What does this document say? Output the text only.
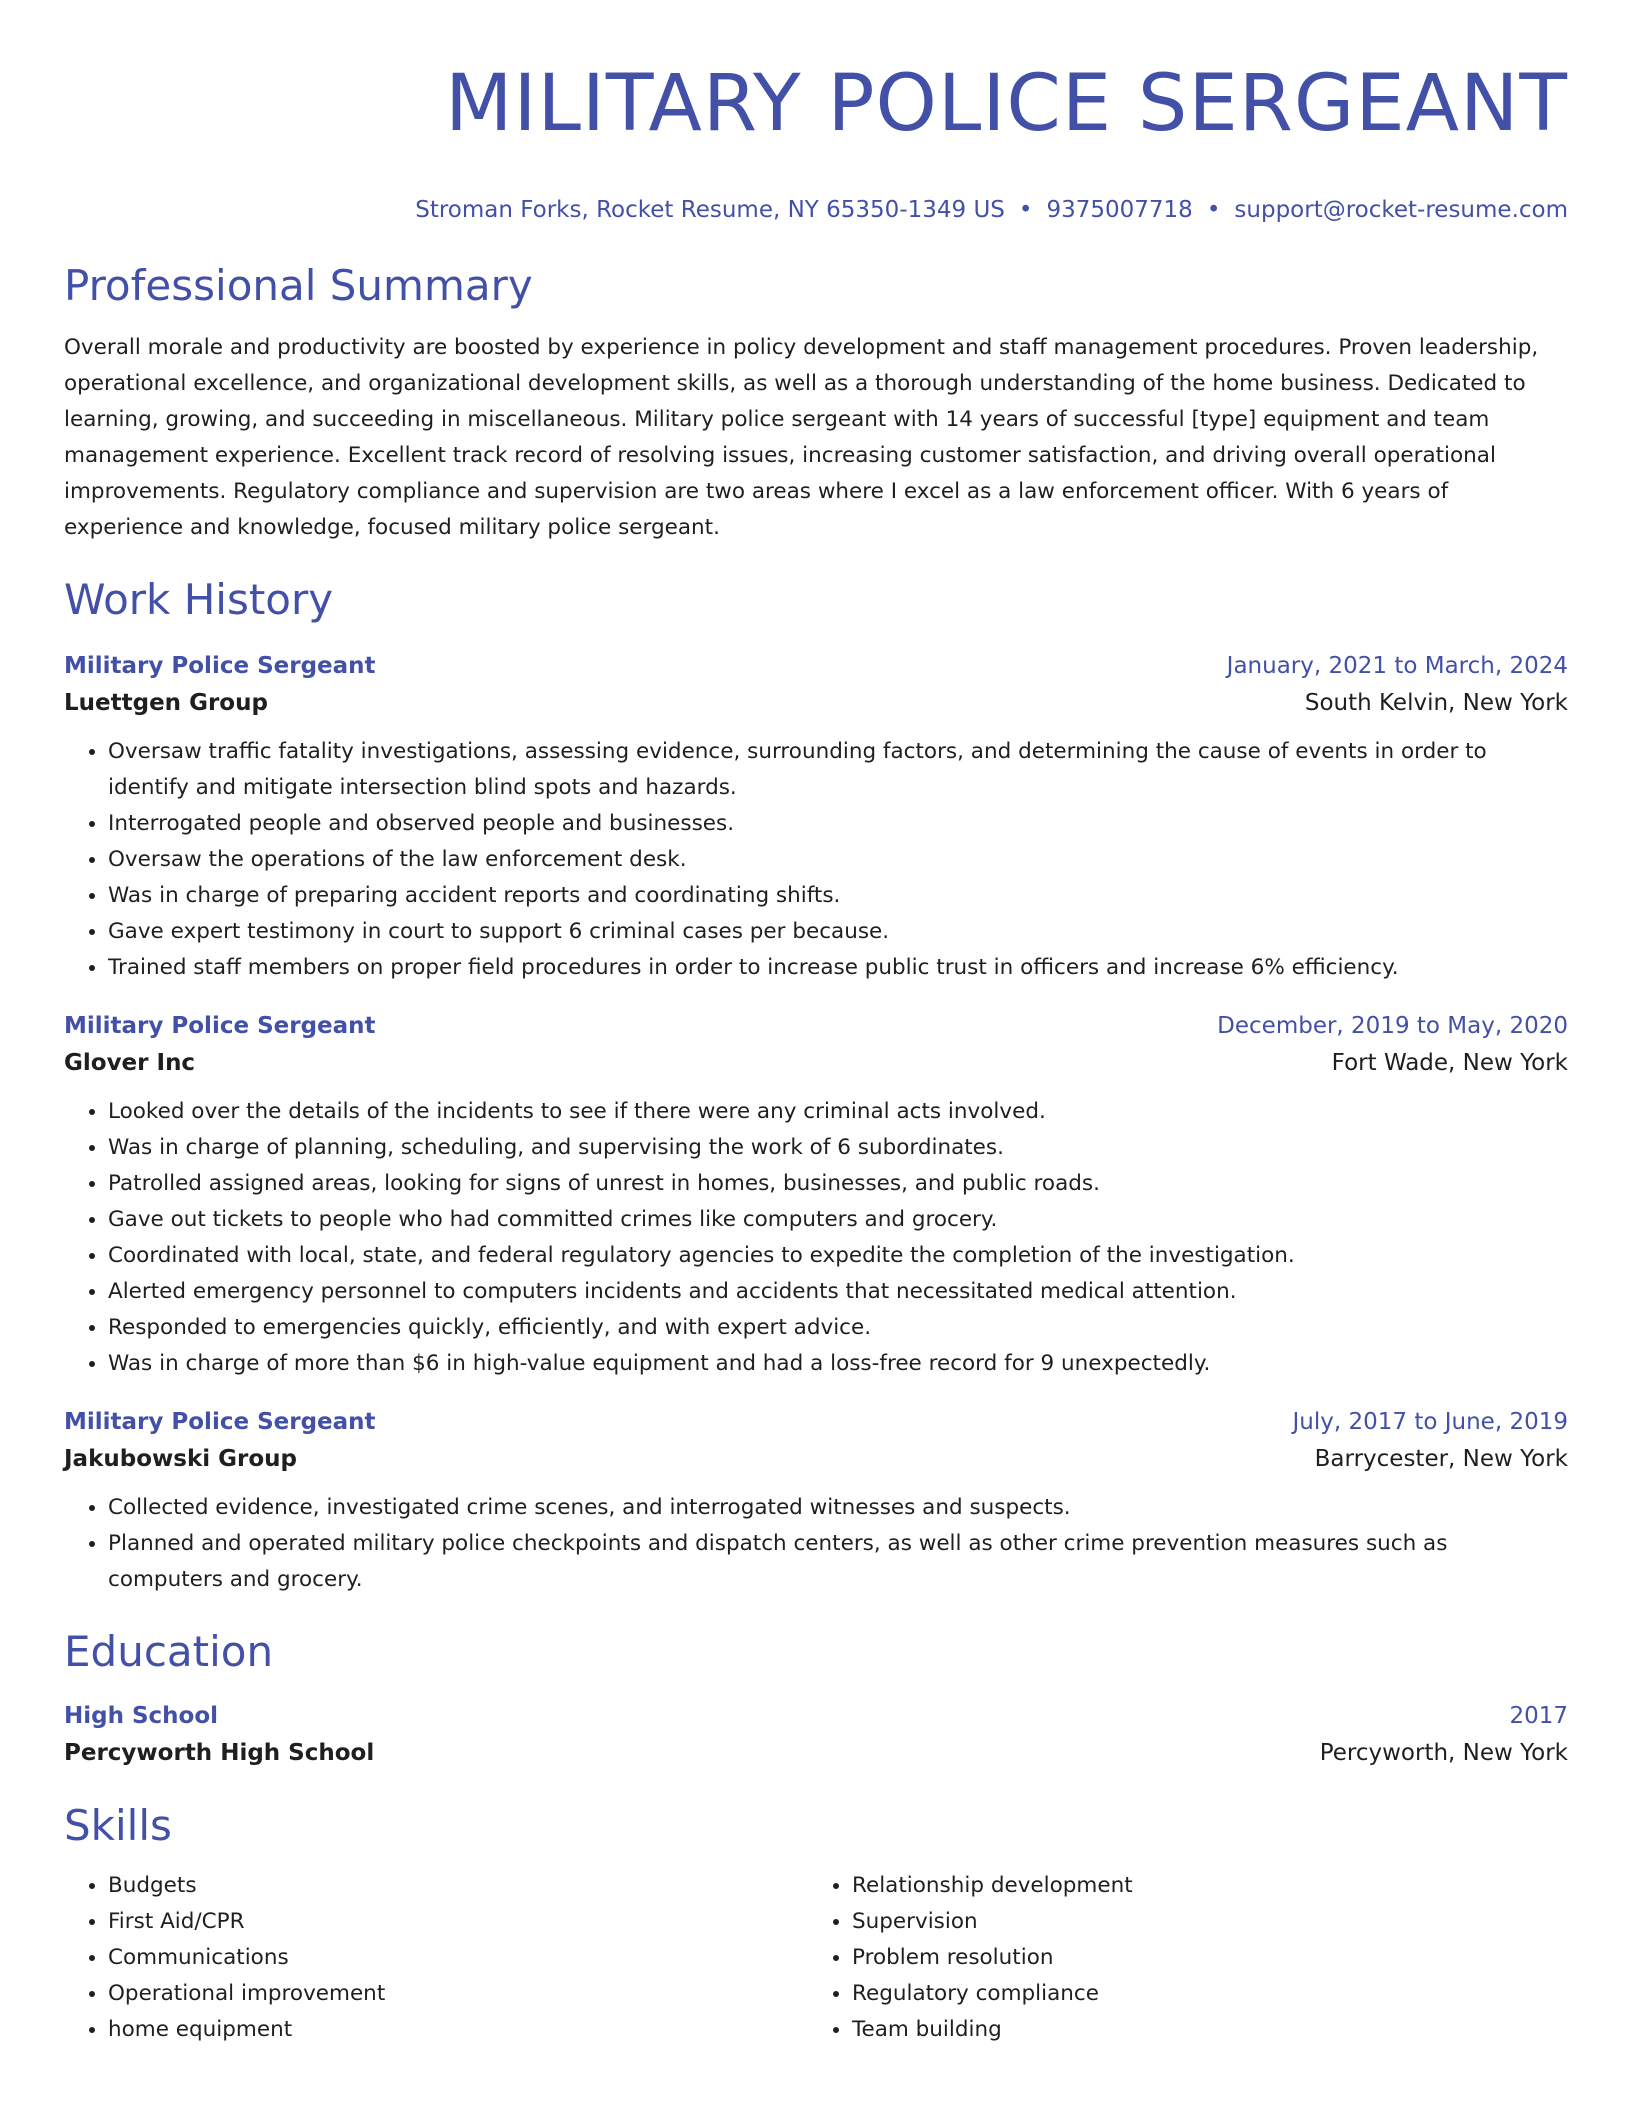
MILITARY POLICE SERGEANT
Stroman Forks, Rocket Resume, NY 65350-1349 US • 9375007718 • support@rocket-resume.com
Professional Summary
Overall morale and productivity are boosted by experience in policy development and staff management procedures. Proven leadership, operational excellence, and organizational development skills, as well as a thorough understanding of the home business. Dedicated to learning, growing, and succeeding in miscellaneous. Military police sergeant with 14 years of successful [type] equipment and team management experience. Excellent track record of resolving issues, increasing customer satisfaction, and driving overall operational improvements. Regulatory compliance and supervision are two areas where I excel as a law enforcement officer. With 6 years of experience and knowledge, focused military police sergeant.
Work History
Military Police Sergeant	January, 2021 to March, 2024
Luettgen Group	South Kelvin, New York
• Oversaw traffic fatality investigations, assessing evidence, surrounding factors, and determining the cause of events in order to identify and mitigate intersection blind spots and hazards.
• Interrogated people and observed people and businesses.
• Oversaw the operations of the law enforcement desk.
• Was in charge of preparing accident reports and coordinating shifts.
• Gave expert testimony in court to support 6 criminal cases per because.
• Trained staff members on proper field procedures in order to increase public trust in officers and increase 6% efficiency.
Military Police Sergeant	December, 2019 to May, 2020
Glover Inc	Fort Wade, New York
• Looked over the details of the incidents to see if there were any criminal acts involved.
• Was in charge of planning, scheduling, and supervising the work of 6 subordinates.
• Patrolled assigned areas, looking for signs of unrest in homes, businesses, and public roads.
• Gave out tickets to people who had committed crimes like computers and grocery.
• Coordinated with local, state, and federal regulatory agencies to expedite the completion of the investigation.
• Alerted emergency personnel to computers incidents and accidents that necessitated medical attention.
• Responded to emergencies quickly, efficiently, and with expert advice.
• Was in charge of more than $6 in high-value equipment and had a loss-free record for 9 unexpectedly.
Military Police Sergeant	July, 2017 to June, 2019
Jakubowski Group	Barrycester, New York
• Collected evidence, investigated crime scenes, and interrogated witnesses and suspects.
• Planned and operated military police checkpoints and dispatch centers, as well as other crime prevention measures such as computers and grocery.
Education
High School	2017
Percyworth High School	Percyworth, New York
Skills
• Budgets
• First Aid/CPR
• Communications
• Operational improvement
• home equipment
• Relationship development
• Supervision
• Problem resolution
• Regulatory compliance
• Team building
